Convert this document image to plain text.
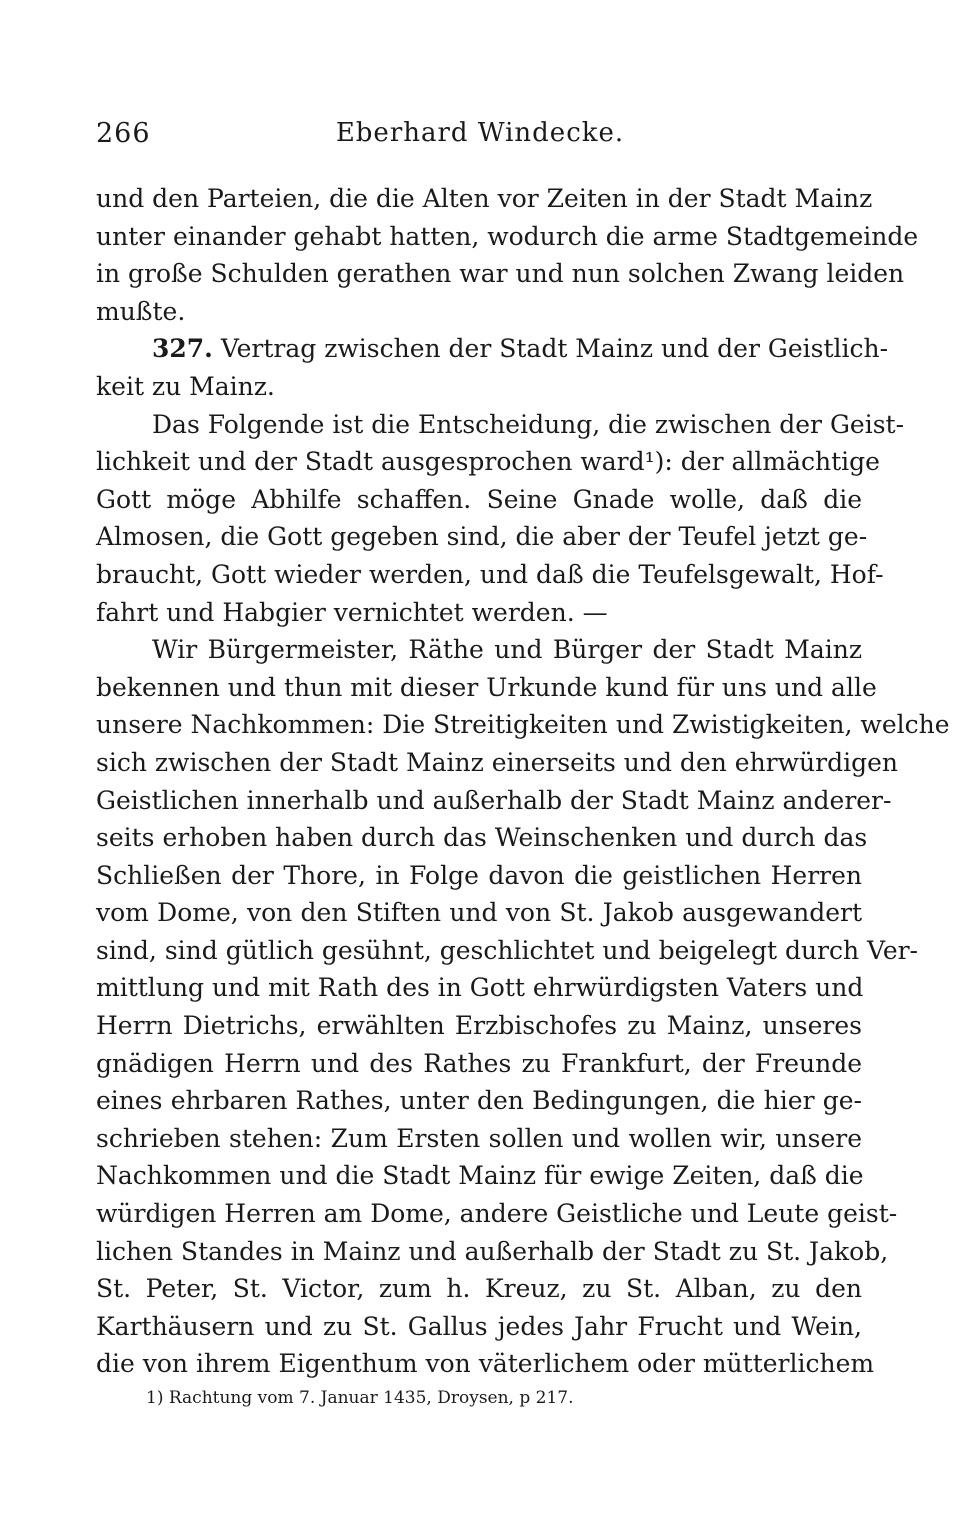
266	Eberhard Windecke.
und den Parteien, die die Alten vor Zeiten in der Stadt Mainz
unter einander gehabt hatten, wodurch die arme Stadtgemeinde
in große Schulden gerathen war und nun solchen Zwang leiden
mußte.
327. Vertrag zwischen der Stadt Mainz und der Geistlich-
keit zu Mainz.
Das Folgende ist die Entscheidung, die zwischen der Geist-
lichkeit und der Stadt ausgesprochen ward¹): der allmächtige
Gott möge Abhilfe schaffen. Seine Gnade wolle, daß die
Almosen, die Gott gegeben sind, die aber der Teufel jetzt ge-
braucht, Gott wieder werden, und daß die Teufelsgewalt, Hof-
fahrt und Habgier vernichtet werden. —
Wir Bürgermeister, Räthe und Bürger der Stadt Mainz
bekennen und thun mit dieser Urkunde kund für uns und alle
unsere Nachkommen: Die Streitigkeiten und Zwistigkeiten, welche
sich zwischen der Stadt Mainz einerseits und den ehrwürdigen
Geistlichen innerhalb und außerhalb der Stadt Mainz anderer-
seits erhoben haben durch das Weinschenken und durch das
Schließen der Thore, in Folge davon die geistlichen Herren
vom Dome, von den Stiften und von St. Jakob ausgewandert
sind, sind gütlich gesühnt, geschlichtet und beigelegt durch Ver-
mittlung und mit Rath des in Gott ehrwürdigsten Vaters und
Herrn Dietrichs, erwählten Erzbischofes zu Mainz, unseres
gnädigen Herrn und des Rathes zu Frankfurt, der Freunde
eines ehrbaren Rathes, unter den Bedingungen, die hier ge-
schrieben stehen: Zum Ersten sollen und wollen wir, unsere
Nachkommen und die Stadt Mainz für ewige Zeiten, daß die
würdigen Herren am Dome, andere Geistliche und Leute geist-
lichen Standes in Mainz und außerhalb der Stadt zu St. Jakob,
St. Peter, St. Victor, zum h. Kreuz, zu St. Alban, zu den
Karthäusern und zu St. Gallus jedes Jahr Frucht und Wein,
die von ihrem Eigenthum von väterlichem oder mütterlichem
1) Rachtung vom 7. Januar 1435, Droysen, p 217.
